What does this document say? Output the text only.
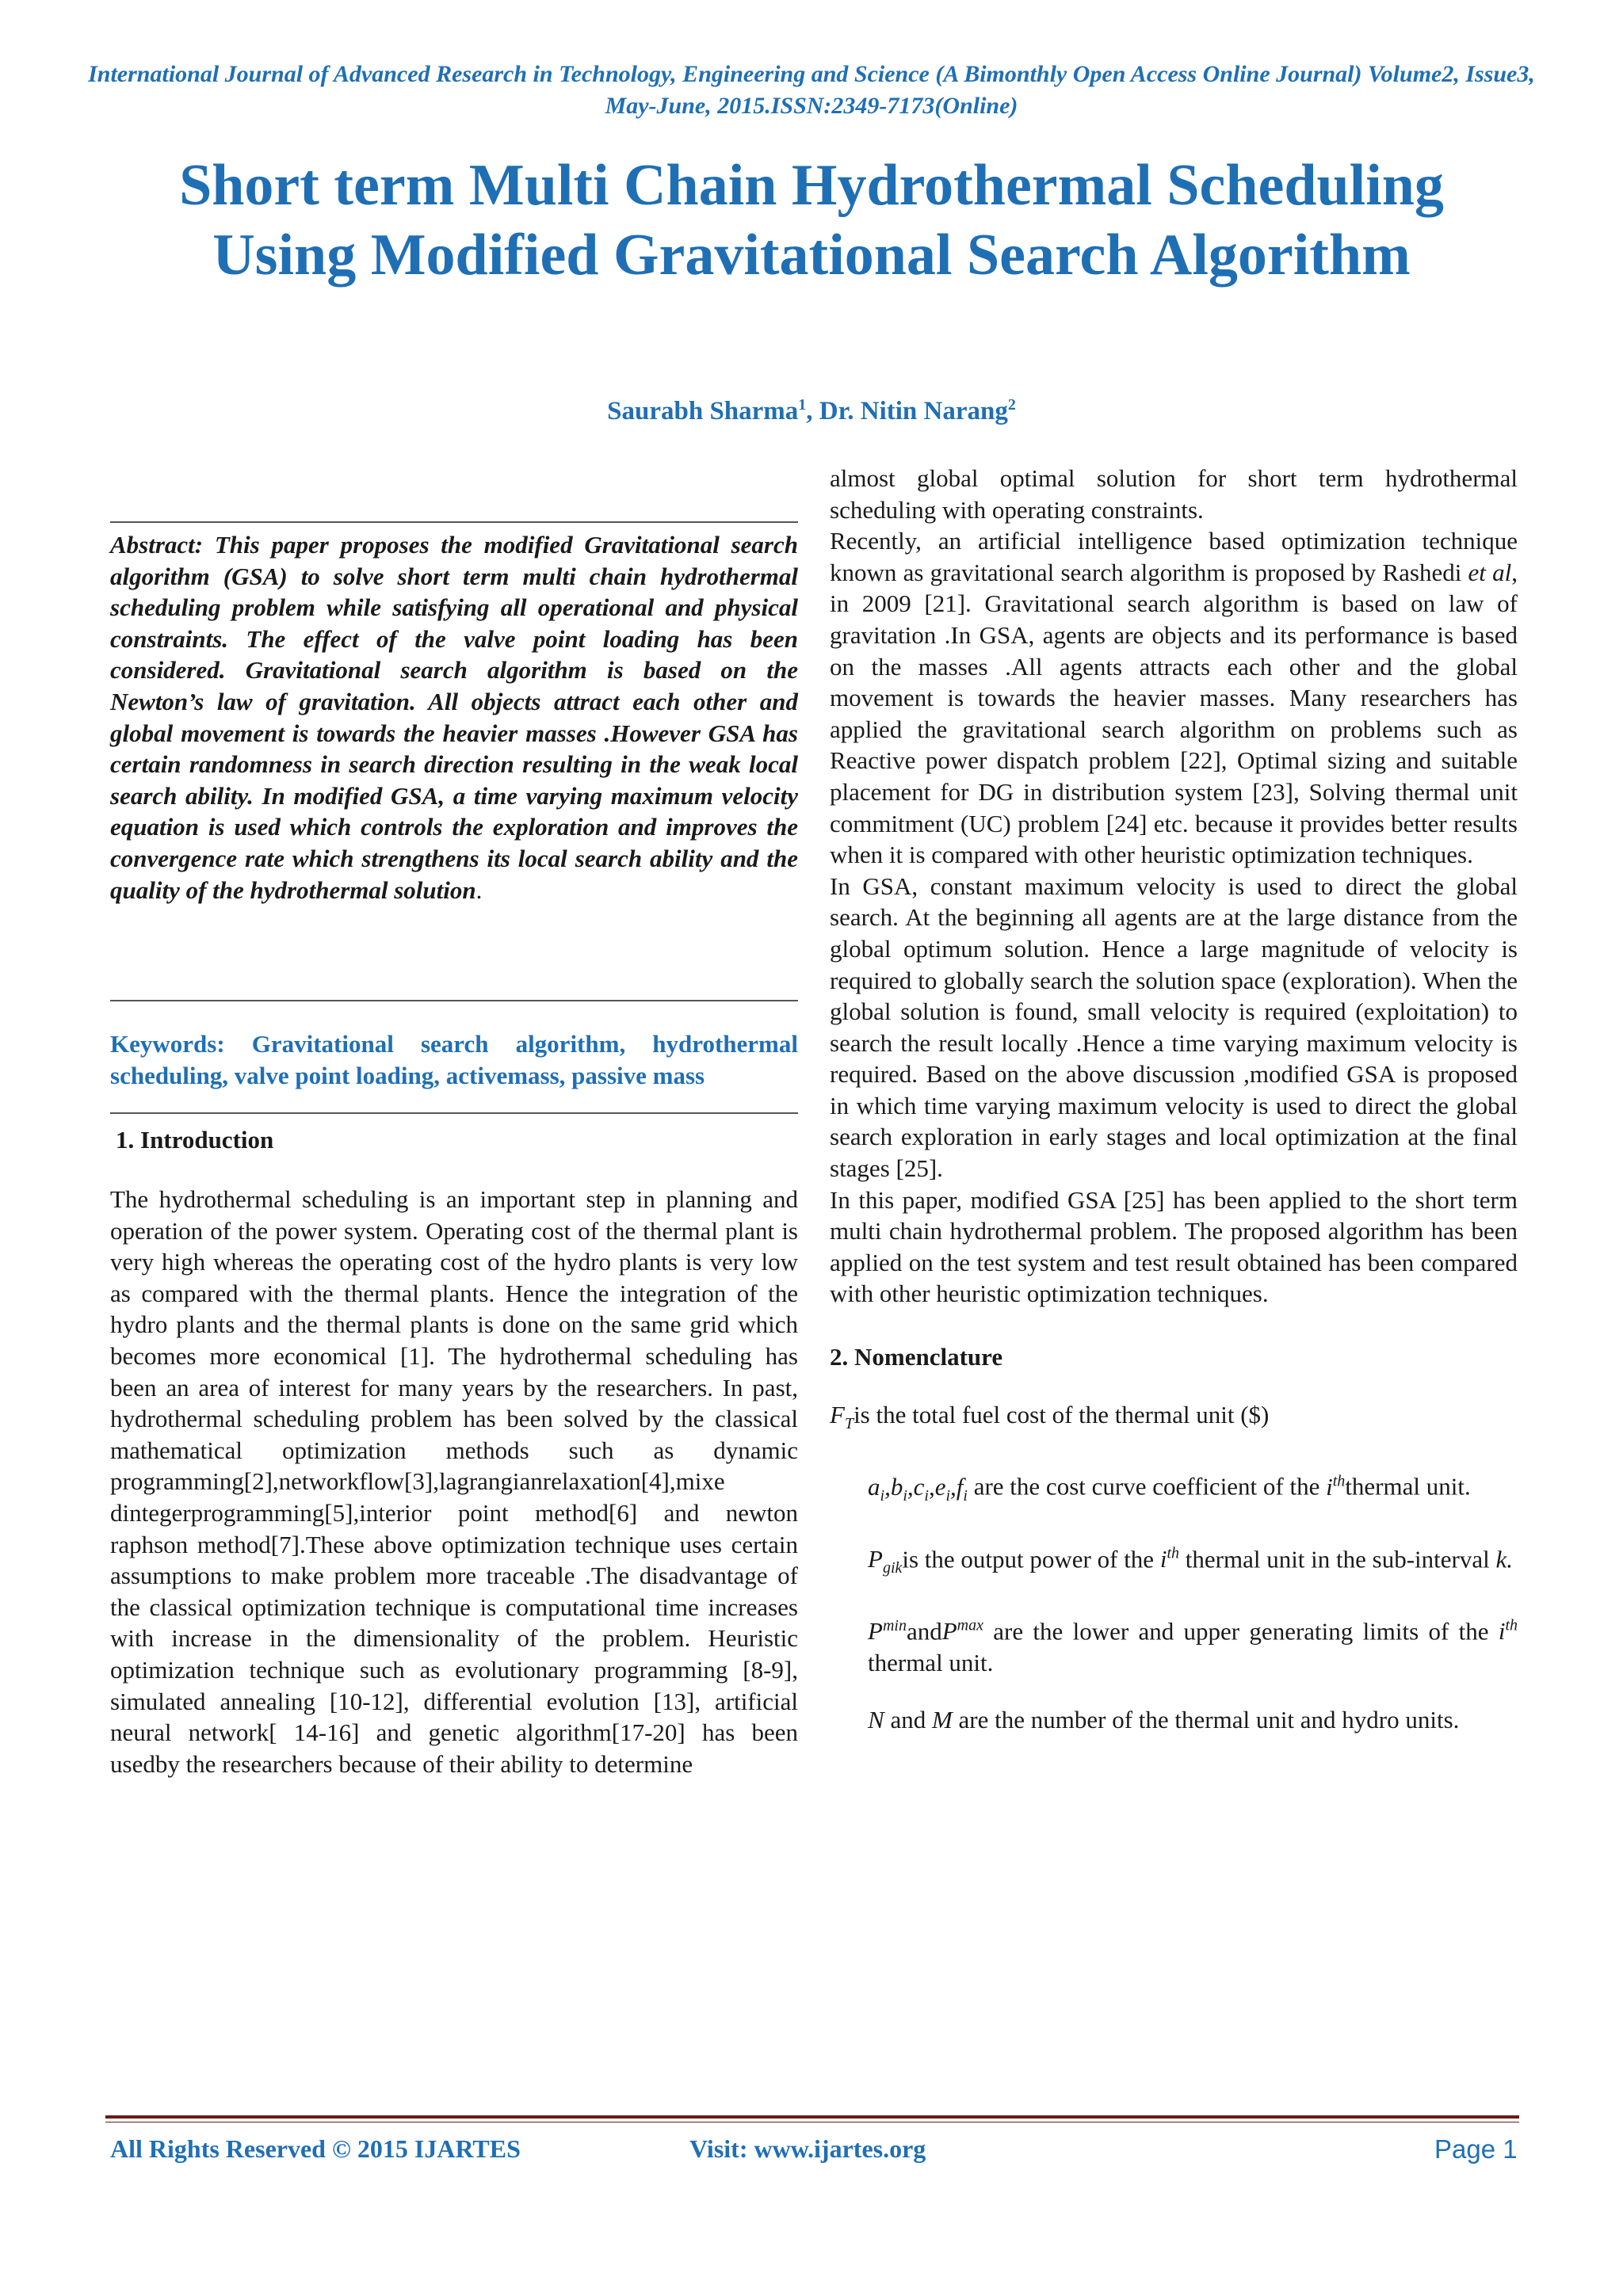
International Journal of Advanced Research in Technology, Engineering and Science (A Bimonthly Open Access Online Journal) Volume2, Issue3, May-June, 2015.ISSN:2349-7173(Online)
Short term Multi Chain Hydrothermal Scheduling Using Modified Gravitational Search Algorithm
Saurabh Sharma$^1$, Dr. Nitin Narang$^2$
Abstract: This paper proposes the modified Gravitational search algorithm (GSA) to solve short term multi chain hydrothermal scheduling problem while satisfying all operational and physical constraints. The effect of the valve point loading has been considered. Gravitational search algorithm is based on the Newton’s law of gravitation. All objects attract each other and global movement is towards the heavier masses .However GSA has certain randomness in search direction resulting in the weak local search ability. In modified GSA, a time varying maximum velocity equation is used which controls the exploration and improves the convergence rate which strengthens its local search ability and the quality of the hydrothermal solution.
Keywords: Gravitational search algorithm, hydrothermal scheduling, valve point loading, activemass, passive mass
1. Introduction
The hydrothermal scheduling is an important step in planning and operation of the power system. Operating cost of the thermal plant is very high whereas the operating cost of the hydro plants is very low as compared with the thermal plants. Hence the integration of the hydro plants and the thermal plants is done on the same grid which becomes more economical [1]. The hydrothermal scheduling has been an area of interest for many years by the researchers. In past, hydrothermal scheduling problem has been solved by the classical mathematical optimization methods such as dynamic programming[2],networkflow[3],lagrangianrelaxation[4],mixe dintegerprogramming[5],interior point method[6] and newton raphson method[7].These above optimization technique uses certain assumptions to make problem more traceable .The disadvantage of the classical optimization technique is computational time increases with increase in the dimensionality of the problem. Heuristic optimization technique such as evolutionary programming [8-9], simulated annealing [10-12], differential evolution [13], artificial neural network[ 14-16] and genetic algorithm[17-20] has been usedby the researchers because of their ability to determine

almost global optimal solution for short term hydrothermal scheduling with operating constraints.

Recently, an artificial intelligence based optimization technique known as gravitational search algorithm is proposed by Rashedi et al, in 2009 [21]. Gravitational search algorithm is based on law of gravitation .In GSA, agents are objects and its performance is based on the masses .All agents attracts each other and the global movement is towards the heavier masses. Many researchers has applied the gravitational search algorithm on problems such as Reactive power dispatch problem [22], Optimal sizing and suitable placement for DG in distribution system [23], Solving thermal unit commitment (UC) problem [24] etc. because it provides better results when it is compared with other heuristic optimization techniques.

In GSA, constant maximum velocity is used to direct the global search. At the beginning all agents are at the large distance from the global optimum solution. Hence a large magnitude of velocity is required to globally search the solution space (exploration). When the global solution is found, small velocity is required (exploitation) to search the result locally .Hence a time varying maximum velocity is required. Based on the above discussion ,modified GSA is proposed in which time varying maximum velocity is used to direct the global search exploration in early stages and local optimization at the final stages [25].

In this paper, modified GSA [25] has been applied to the short term multi chain hydrothermal problem. The proposed algorithm has been applied on the test system and test result obtained has been compared with other heuristic optimization techniques.

2. Nomenclature

$F_Tis$ the total fuel cost of the thermal unit ($)

$a_i,b_i,c_i,e_i,f_i$ are the cost curve coefficient of the $i^{th}thermal$ unit.

$P_{gik}is$ the output power of the $i^{th}$ thermal unit in the sub-interval k.

$P^{min}andP^{max}$ are the lower and upper generating limits of the $i^{th}$ thermal unit.

N and M are the number of the thermal unit and hydro units.

All Rights Reserved © 2015 IJARTES	Visit: www.ijartes.org	Page 1
